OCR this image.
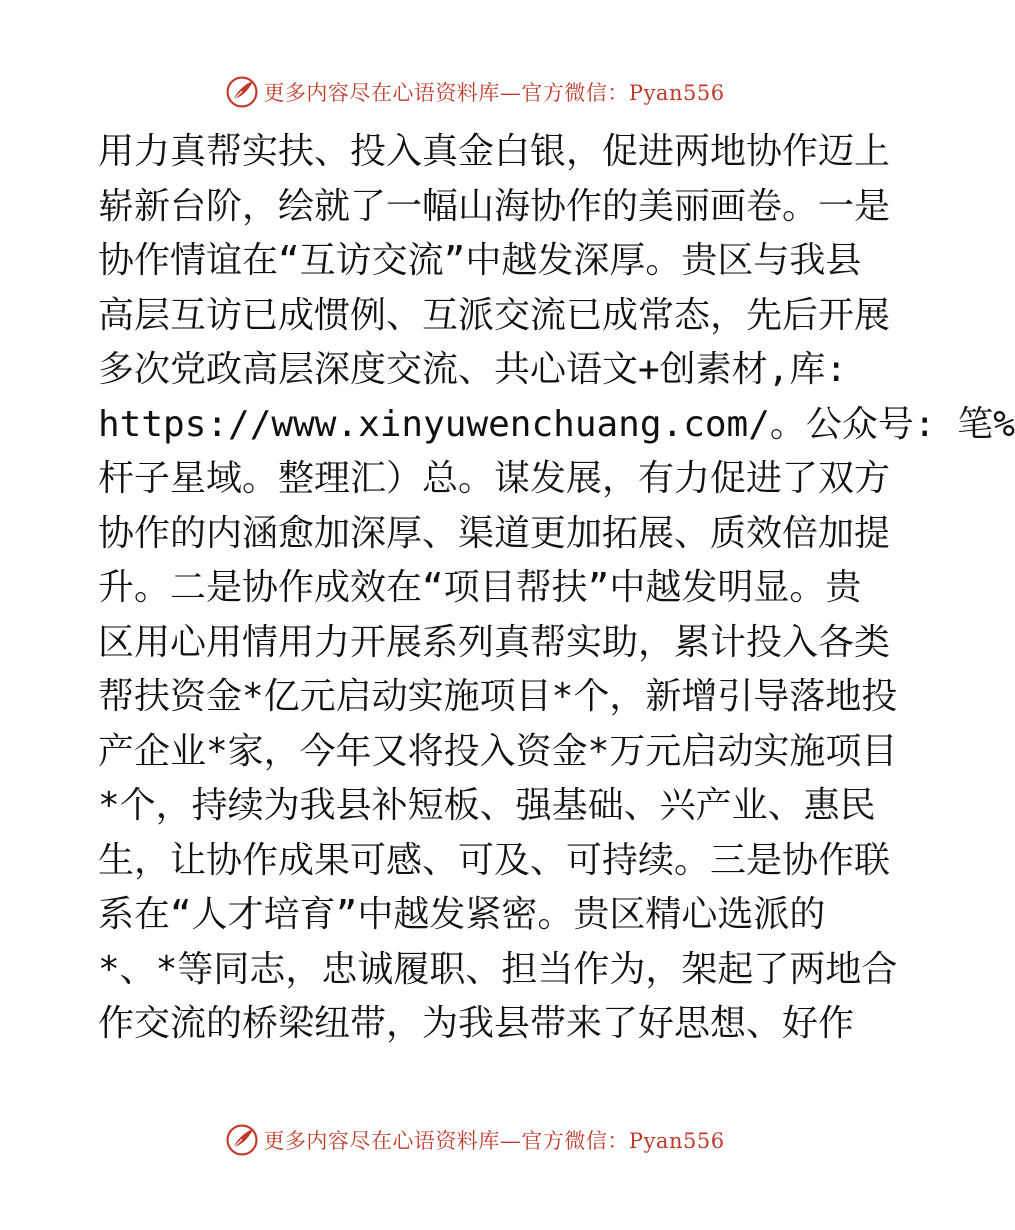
更多内容尽在心语资料库—官方微信：Pyan556
用力真帮实扶、投入真金白银，促进两地协作迈上
崭新台阶，绘就了一幅山海协作的美丽画卷。一是
协作情谊在“互访交流”中越发深厚。贵区与我县
高层互访已成惯例、互派交流已成常态，先后开展
多次党政高层深度交流、共心语文+创素材,库:
https://www.xinyuwenchuang.com/。公众号: 笔%
杆子星域。整理汇）总。谋发展，有力促进了双方
协作的内涵愈加深厚、渠道更加拓展、质效倍加提
升。二是协作成效在“项目帮扶”中越发明显。贵
区用心用情用力开展系列真帮实助，累计投入各类
帮扶资金*亿元启动实施项目*个，新增引导落地投
产企业*家，今年又将投入资金*万元启动实施项目
*个，持续为我县补短板、强基础、兴产业、惠民
生，让协作成果可感、可及、可持续。三是协作联
系在“人才培育”中越发紧密。贵区精心选派的
*、*等同志，忠诚履职、担当作为，架起了两地合
作交流的桥梁纽带，为我县带来了好思想、好作
更多内容尽在心语资料库—官方微信：Pyan556
